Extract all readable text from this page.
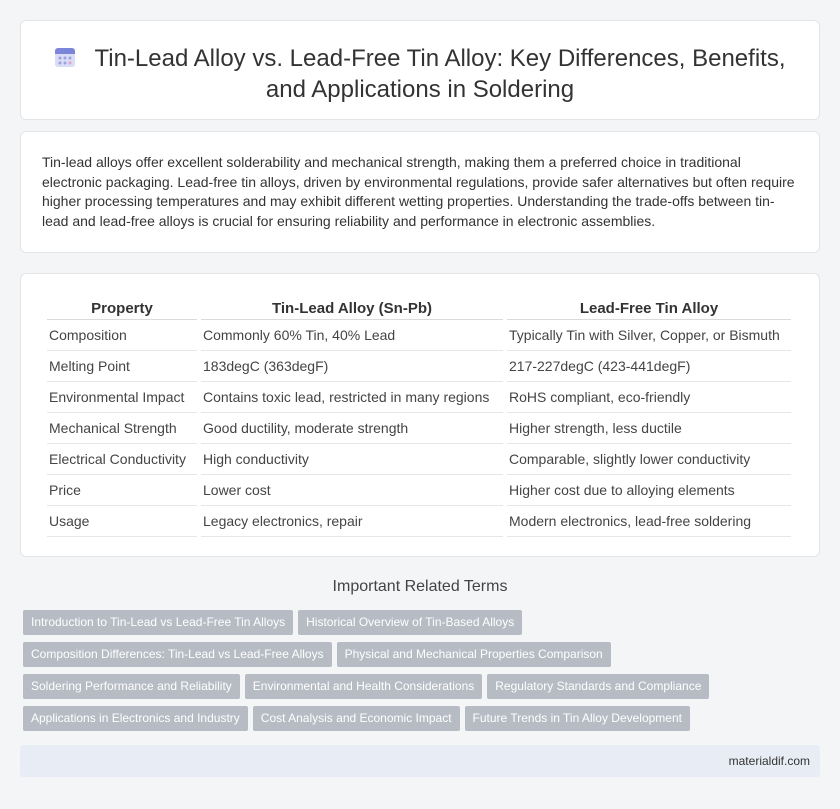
Tin-Lead Alloy vs. Lead-Free Tin Alloy: Key Differences, Benefits, and Applications in Soldering

Tin-lead alloys offer excellent solderability and mechanical strength, making them a preferred choice in traditional electronic packaging. Lead-free tin alloys, driven by environmental regulations, provide safer alternatives but often require higher processing temperatures and may exhibit different wetting properties. Understanding the trade-offs between tin-lead and lead-free alloys is crucial for ensuring reliability and performance in electronic assemblies.

Property	Tin-Lead Alloy (Sn-Pb)	Lead-Free Tin Alloy
Composition	Commonly 60% Tin, 40% Lead	Typically Tin with Silver, Copper, or Bismuth
Melting Point	183degC (363degF)	217-227degC (423-441degF)
Environmental Impact	Contains toxic lead, restricted in many regions	RoHS compliant, eco-friendly
Mechanical Strength	Good ductility, moderate strength	Higher strength, less ductile
Electrical Conductivity	High conductivity	Comparable, slightly lower conductivity
Price	Lower cost	Higher cost due to alloying elements
Usage	Legacy electronics, repair	Modern electronics, lead-free soldering
Important Related Terms
Introduction to Tin-Lead vs Lead-Free Tin Alloys Historical Overview of Tin-Based Alloys
Composition Differences: Tin-Lead vs Lead-Free Alloys Physical and Mechanical Properties Comparison
Soldering Performance and Reliability Environmental and Health Considerations Regulatory Standards and Compliance
Applications in Electronics and Industry Cost Analysis and Economic Impact Future Trends in Tin Alloy Development
materialdif.com
